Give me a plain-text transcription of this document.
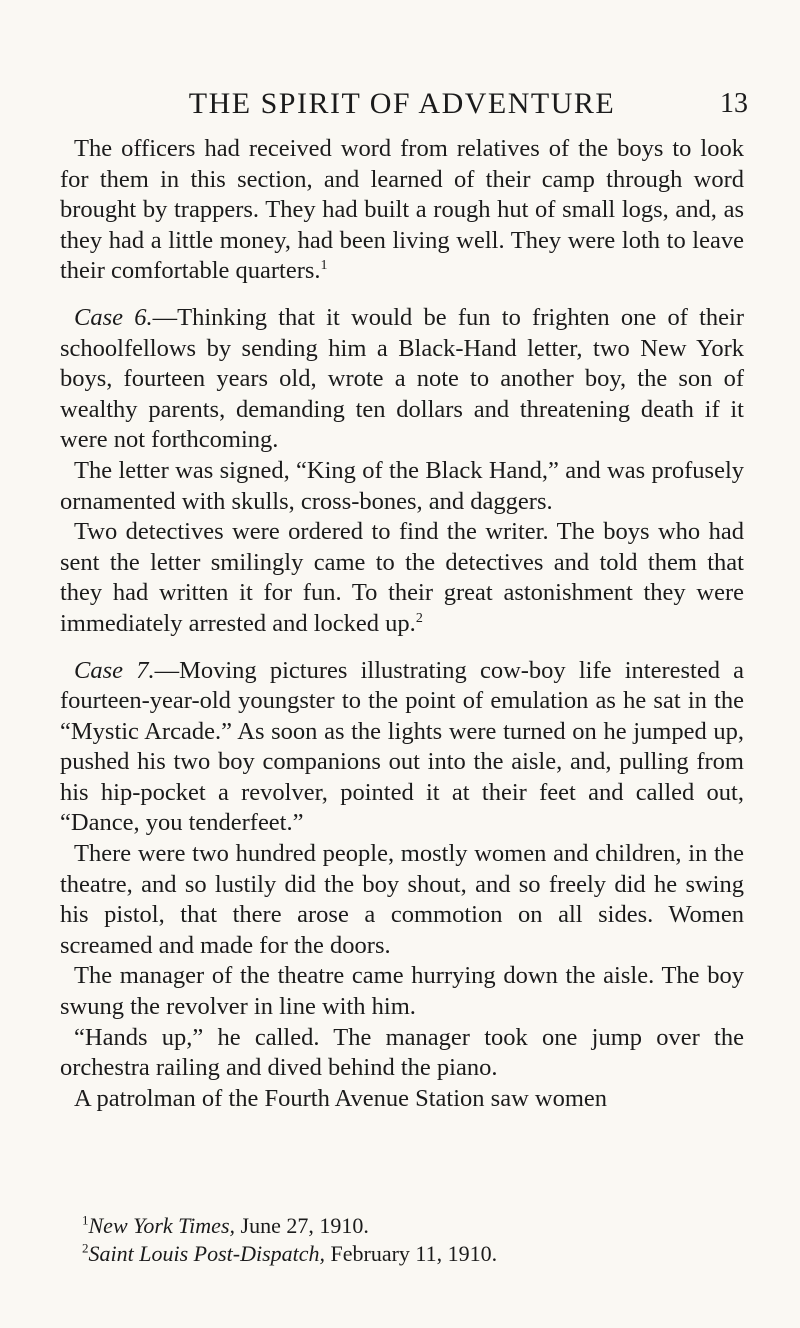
THE SPIRIT OF ADVENTURE	13

The officers had received word from relatives of the boys to look for them in this section, and learned of their camp through word brought by trappers. They had built a rough hut of small logs, and, as they had a little money, had been living well. They were loth to leave their comfortable quarters.$^1$

Case 6.—Thinking that it would be fun to frighten one of their schoolfellows by sending him a Black-Hand letter, two New York boys, fourteen years old, wrote a note to another boy, the son of wealthy parents, demanding ten dollars and threatening death if it were not forthcoming.

The letter was signed, “King of the Black Hand,” and was profusely ornamented with skulls, cross-bones, and daggers.

Two detectives were ordered to find the writer. The boys who had sent the letter smilingly came to the detectives and told them that they had written it for fun. To their great astonishment they were immediately arrested and locked up.$^2$

Case 7.—Moving pictures illustrating cow-boy life interested a fourteen-year-old youngster to the point of emulation as he sat in the “Mystic Arcade.” As soon as the lights were turned on he jumped up, pushed his two boy companions out into the aisle, and, pulling from his hip-pocket a revolver, pointed it at their feet and called out, “Dance, you tenderfeet.”

There were two hundred people, mostly women and children, in the theatre, and so lustily did the boy shout, and so freely did he swing his pistol, that there arose a commotion on all sides. Women screamed and made for the doors.

The manager of the theatre came hurrying down the aisle. The boy swung the revolver in line with him.

“Hands up,” he called. The manager took one jump over the orchestra railing and dived behind the piano.

A patrolman of the Fourth Avenue Station saw women

$^1$New York Times, June 27, 1910.

$^2$Saint Louis Post-Dispatch, February 11, 1910.
